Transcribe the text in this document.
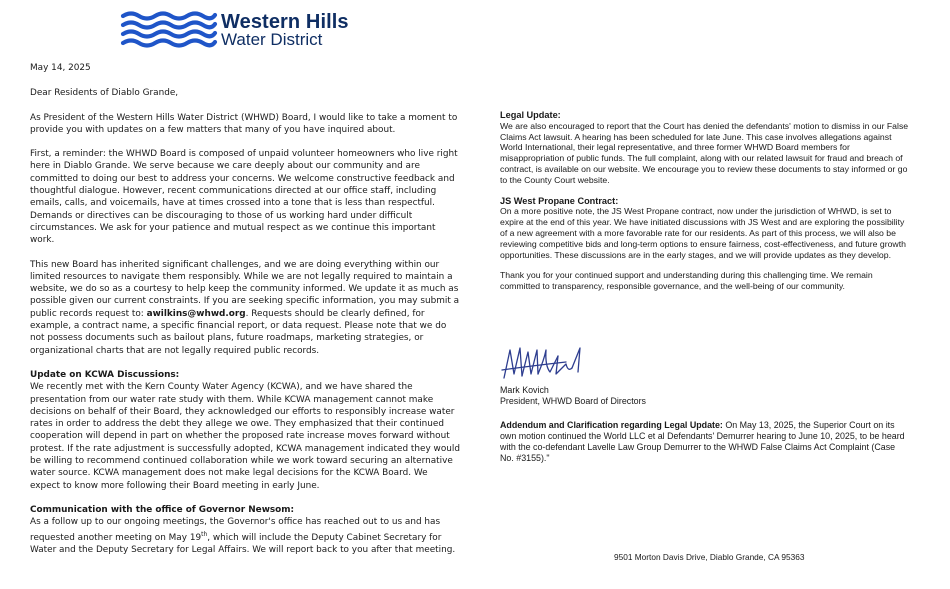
Western Hills
Water District

May 14, 2025

Dear Residents of Diablo Grande,

As President of the Western Hills Water District (WHWD) Board, I would like to take a moment to provide you with updates on a few matters that many of you have inquired about.

First, a reminder: the WHWD Board is composed of unpaid volunteer homeowners who live right here in Diablo Grande. We serve because we care deeply about our community and are committed to doing our best to address your concerns. We welcome constructive feedback and thoughtful dialogue. However, recent communications directed at our office staff, including emails, calls, and voicemails, have at times crossed into a tone that is less than respectful. Demands or directives can be discouraging to those of us working hard under difficult circumstances. We ask for your patience and mutual respect as we continue this important work.

This new Board has inherited significant challenges, and we are doing everything within our limited resources to navigate them responsibly. While we are not legally required to maintain a website, we do so as a courtesy to help keep the community informed. We update it as much as possible given our current constraints. If you are seeking specific information, you may submit a public records request to: awilkins@whwd.org. Requests should be clearly defined, for example, a contract name, a specific financial report, or data request. Please note that we do not possess documents such as bailout plans, future roadmaps, marketing strategies, or organizational charts that are not legally required public records.

Update on KCWA Discussions:

We recently met with the Kern County Water Agency (KCWA), and we have shared the presentation from our water rate study with them. While KCWA management cannot make decisions on behalf of their Board, they acknowledged our efforts to responsibly increase water rates in order to address the debt they allege we owe. They emphasized that their continued cooperation will depend in part on whether the proposed rate increase moves forward without protest. If the rate adjustment is successfully adopted, KCWA management indicated they would be willing to recommend continued collaboration while we work toward securing an alternative water source. KCWA management does not make legal decisions for the KCWA Board. We expect to know more following their Board meeting in early June.

Communication with the office of Governor Newsom:

As a follow up to our ongoing meetings, the Governor's office has reached out to us and has requested another meeting on May 19th, which will include the Deputy Cabinet Secretary for Water and the Deputy Secretary for Legal Affairs. We will report back to you after that meeting.

Legal Update:

We are also encouraged to report that the Court has denied the defendants' motion to dismiss in our False Claims Act lawsuit. A hearing has been scheduled for late June. This case involves allegations against World International, their legal representative, and three former WHWD Board members for misappropriation of public funds. The full complaint, along with our related lawsuit for fraud and breach of contract, is available on our website. We encourage you to review these documents to stay informed or go to the County Court website.

JS West Propane Contract:

On a more positive note, the JS West Propane contract, now under the jurisdiction of WHWD, is set to expire at the end of this year. We have initiated discussions with JS West and are exploring the possibility of a new agreement with a more favorable rate for our residents. As part of this process, we will also be reviewing competitive bids and long-term options to ensure fairness, cost-effectiveness, and future growth opportunities. These discussions are in the early stages, and we will provide updates as they develop.

Thank you for your continued support and understanding during this challenging time. We remain committed to transparency, responsible governance, and the well-being of our community.

Mark Kovich
President, WHWD Board of Directors
Addendum and Clarification regarding Legal Update: On May 13, 2025, the Superior Court on its own motion continued the World LLC et al Defendants' Demurrer hearing to June 10, 2025, to be heard with the co-defendant Lavelle Law Group Demurrer to the WHWD False Claims Act Complaint (Case No. #3155)."
9501 Morton Davis Drive, Diablo Grande, CA 95363
